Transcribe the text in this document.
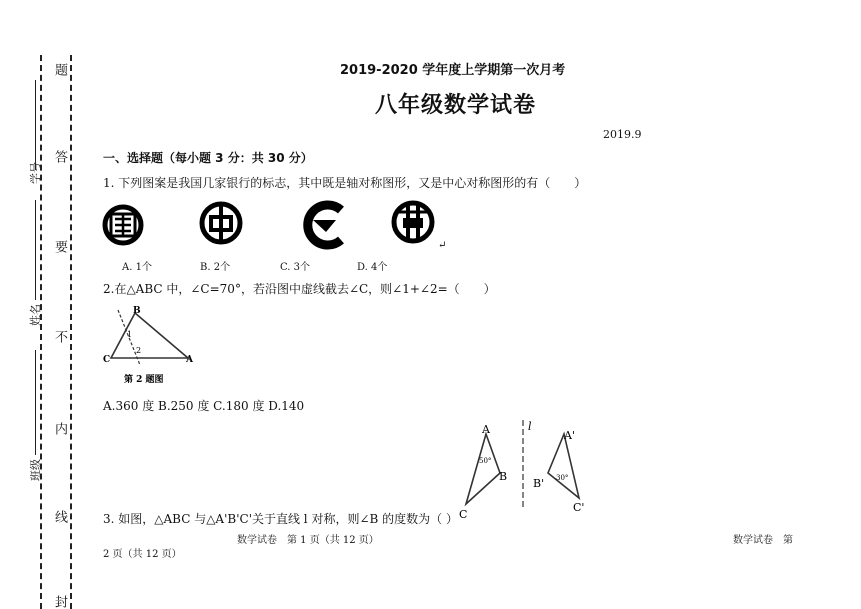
题
答
要
不
内
线
封
学号
姓名
班级
2019-2020 学年度上学期第一次月考
八年级数学试卷
2019.9
一、选择题（每小题 3 分：共 30 分）
1. 下列图案是我国几家银行的标志，其中既是轴对称图形，又是中心对称图形的有（　　）
↵
A. 1个	B. 2个	C. 3个	D. 4个
2.在△ABC 中，∠C=70°，若沿图中虚线截去∠C，则∠1+∠2=（　　）
B
C	A
1
2
第 2 题图
A.360 度 B.250 度 C.180 度 D.140
A
B
C
l
A'
B'
C'
50°
30°
3. 如图，△ABC 与△A'B'C'关于直线 l 对称，则∠B 的度数为（ ）
数学试卷　第 1 页（共 12 页）	数学试卷　第
2 页（共 12 页）
